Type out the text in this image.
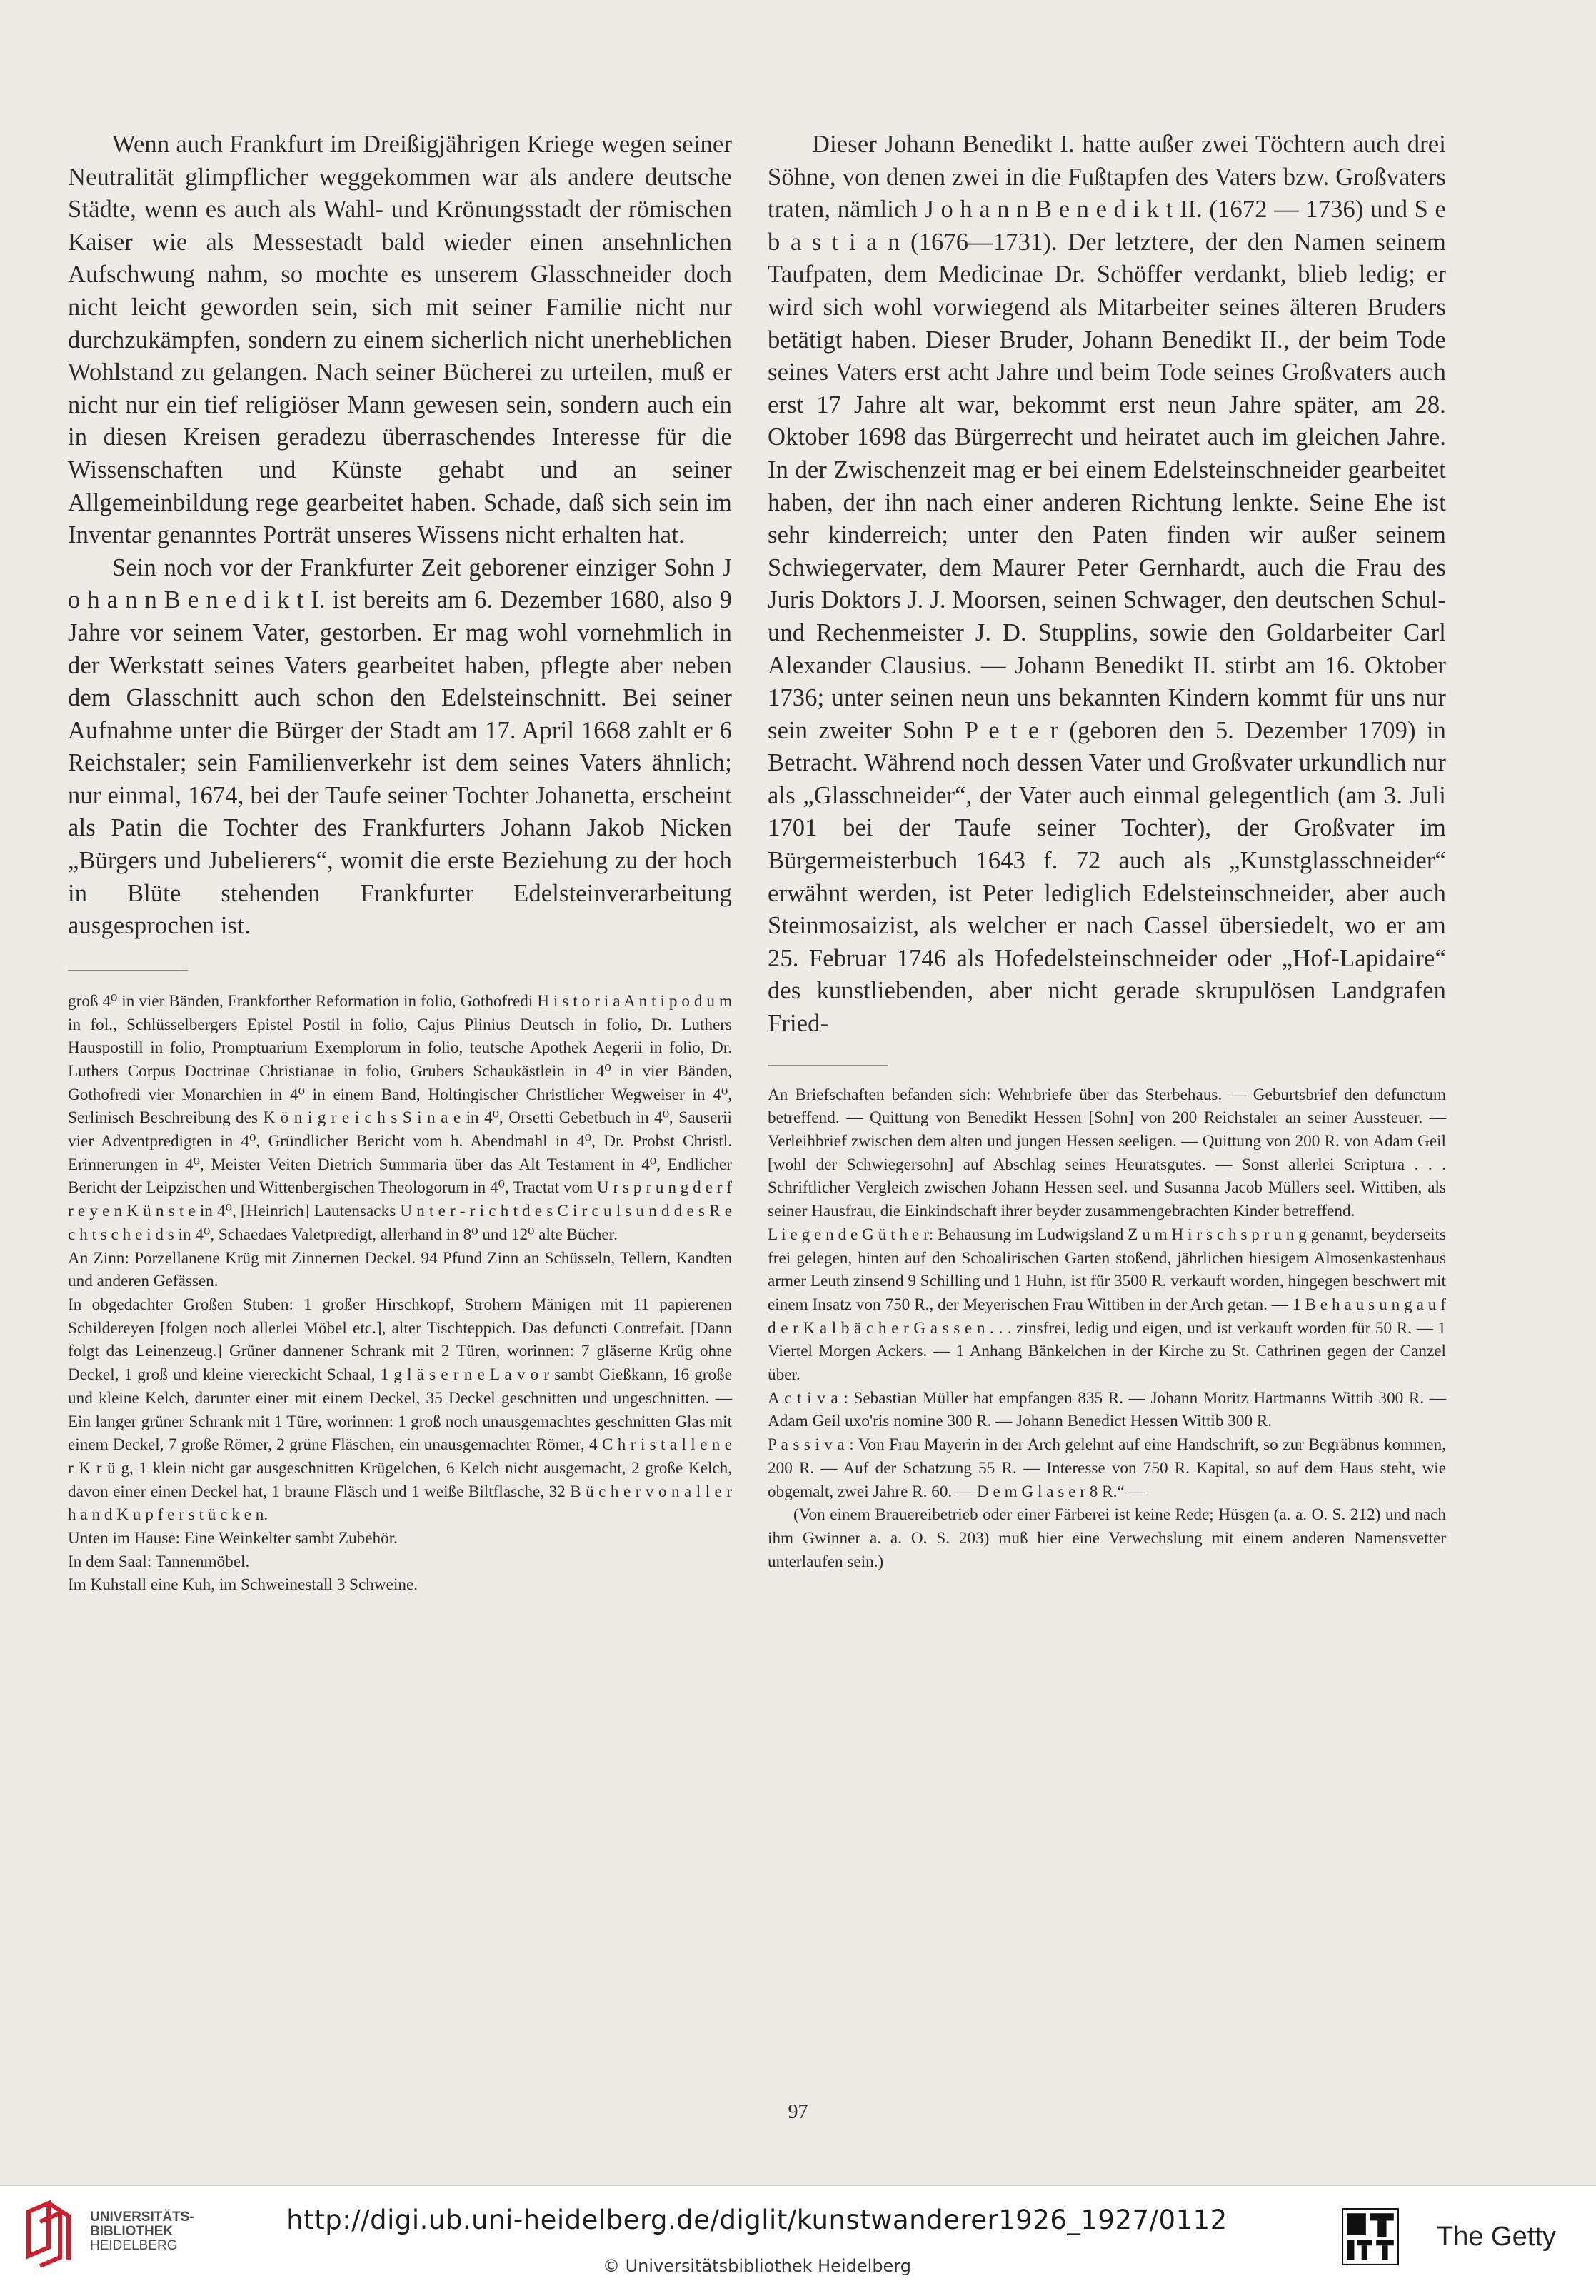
Wenn auch Frankfurt im Dreißigjährigen Kriege wegen seiner Neutralität glimpflicher weggekommen war als andere deutsche Städte, wenn es auch als Wahl- und Krönungsstadt der römischen Kaiser wie als Messestadt bald wieder einen ansehnlichen Aufschwung nahm, so mochte es unserem Glasschneider doch nicht leicht geworden sein, sich mit seiner Familie nicht nur durchzukämpfen, sondern zu einem sicherlich nicht unerheblichen Wohlstand zu gelangen. Nach seiner Bücherei zu urteilen, muß er nicht nur ein tief religiöser Mann gewesen sein, sondern auch ein in diesen Kreisen geradezu überraschendes Interesse für die Wissenschaften und Künste gehabt und an seiner Allgemeinbildung rege gearbeitet haben. Schade, daß sich sein im Inventar genanntes Porträt unseres Wissens nicht erhalten hat.

Sein noch vor der Frankfurter Zeit geborener einziger Sohn J o h a n n B e n e d i k t I. ist bereits am 6. Dezember 1680, also 9 Jahre vor seinem Vater, gestorben. Er mag wohl vornehmlich in der Werkstatt seines Vaters gearbeitet haben, pflegte aber neben dem Glasschnitt auch schon den Edelsteinschnitt. Bei seiner Aufnahme unter die Bürger der Stadt am 17. April 1668 zahlt er 6 Reichstaler; sein Familienverkehr ist dem seines Vaters ähnlich; nur einmal, 1674, bei der Taufe seiner Tochter Johanetta, erscheint als Patin die Tochter des Frankfurters Johann Jakob Nicken „Bürgers und Jubelierers“, womit die erste Beziehung zu der hoch in Blüte stehenden Frankfurter Edelsteinverarbeitung ausgesprochen ist.

groß 4⁰ in vier Bänden, Frankforther Reformation in folio, Gothofredi H i s t o r i a A n t i p o d u m in fol., Schlüsselbergers Epistel Postil in folio, Cajus Plinius Deutsch in folio, Dr. Luthers Hauspostill in folio, Promptuarium Exemplorum in folio, teutsche Apothek Aegerii in folio, Dr. Luthers Corpus Doctrinae Christianae in folio, Grubers Schaukästlein in 4⁰ in vier Bänden, Gothofredi vier Monarchien in 4⁰ in einem Band, Holtingischer Christlicher Wegweiser in 4⁰, Serlinisch Beschreibung des K ö n i g r e i c h s S i n a e in 4⁰, Orsetti Gebetbuch in 4⁰, Sauserii vier Adventpredigten in 4⁰, Gründlicher Bericht vom h. Abendmahl in 4⁰, Dr. Probst Christl. Erinnerungen in 4⁰, Meister Veiten Dietrich Summaria über das Alt Testament in 4⁰, Endlicher Bericht der Leipzischen und Wittenbergischen Theologorum in 4⁰, Tractat vom U r s p r u n g d e r f r e y e n K ü n s t e in 4⁰, [Heinrich] Lautensacks U n t e r - r i c h t d e s C i r c u l s u n d d e s R e c h t s c h e i d s in 4⁰, Schaedaes Valetpredigt, allerhand in 8⁰ und 12⁰ alte Bücher.

An Zinn: Porzellanene Krüg mit Zinnernen Deckel. 94 Pfund Zinn an Schüsseln, Tellern, Kandten und anderen Gefässen.

In obgedachter Großen Stuben: 1 großer Hirschkopf, Strohern Mänigen mit 11 papierenen Schildereyen [folgen noch allerlei Möbel etc.], alter Tischteppich. Das defuncti Contrefait. [Dann folgt das Leinenzeug.] Grüner dannener Schrank mit 2 Türen, worinnen: 7 gläserne Krüg ohne Deckel, 1 groß und kleine viereckicht Schaal, 1 g l ä s e r n e L a v o r sambt Gießkann, 16 große und kleine Kelch, darunter einer mit einem Deckel, 35 Deckel geschnitten und ungeschnitten. — Ein langer grüner Schrank mit 1 Türe, worinnen: 1 groß noch unausgemachtes geschnitten Glas mit einem Deckel, 7 große Römer, 2 grüne Fläschen, ein unausgemachter Römer, 4 C h r i s t a l l e n e r K r ü g, 1 klein nicht gar ausgeschnitten Krügelchen, 6 Kelch nicht ausgemacht, 2 große Kelch, davon einer einen Deckel hat, 1 braune Fläsch und 1 weiße Biltflasche, 32 B ü c h e r v o n a l l e r h a n d K u p f e r s t ü c k e n.

Unten im Hause: Eine Weinkelter sambt Zubehör.

In dem Saal: Tannenmöbel.

Im Kuhstall eine Kuh, im Schweinestall 3 Schweine.

Dieser Johann Benedikt I. hatte außer zwei Töchtern auch drei Söhne, von denen zwei in die Fußtapfen des Vaters bzw. Großvaters traten, nämlich J o h a n n B e n e d i k t II. (1672 — 1736) und S e b a s t i a n (1676—1731). Der letztere, der den Namen seinem Taufpaten, dem Medicinae Dr. Schöffer verdankt, blieb ledig; er wird sich wohl vorwiegend als Mitarbeiter seines älteren Bruders betätigt haben. Dieser Bruder, Johann Benedikt II., der beim Tode seines Vaters erst acht Jahre und beim Tode seines Großvaters auch erst 17 Jahre alt war, bekommt erst neun Jahre später, am 28. Oktober 1698 das Bürgerrecht und heiratet auch im gleichen Jahre. In der Zwischenzeit mag er bei einem Edelsteinschneider gearbeitet haben, der ihn nach einer anderen Richtung lenkte. Seine Ehe ist sehr kinderreich; unter den Paten finden wir außer seinem Schwiegervater, dem Maurer Peter Gernhardt, auch die Frau des Juris Doktors J. J. Moorsen, seinen Schwager, den deutschen Schul- und Rechenmeister J. D. Stupplins, sowie den Goldarbeiter Carl Alexander Clausius. — Johann Benedikt II. stirbt am 16. Oktober 1736; unter seinen neun uns bekannten Kindern kommt für uns nur sein zweiter Sohn P e t e r (geboren den 5. Dezember 1709) in Betracht. Während noch dessen Vater und Großvater urkundlich nur als „Glasschneider“, der Vater auch einmal gelegentlich (am 3. Juli 1701 bei der Taufe seiner Tochter), der Großvater im Bürgermeisterbuch 1643 f. 72 auch als „Kunstglasschneider“ erwähnt werden, ist Peter lediglich Edelsteinschneider, aber auch Steinmosaizist, als welcher er nach Cassel übersiedelt, wo er am 25. Februar 1746 als Hofedelsteinschneider oder „Hof-Lapidaire“ des kunstliebenden, aber nicht gerade skrupulösen Landgrafen Fried-

An Briefschaften befanden sich: Wehrbriefe über das Sterbehaus. — Geburtsbrief den defunctum betreffend. — Quittung von Benedikt Hessen [Sohn] von 200 Reichstaler an seiner Aussteuer. — Verleihbrief zwischen dem alten und jungen Hessen seeligen. — Quittung von 200 R. von Adam Geil [wohl der Schwiegersohn] auf Abschlag seines Heuratsgutes. — Sonst allerlei Scriptura . . . Schriftlicher Vergleich zwischen Johann Hessen seel. und Susanna Jacob Müllers seel. Wittiben, als seiner Hausfrau, die Einkindschaft ihrer beyder zusammengebrachten Kinder betreffend.

L i e g e n d e G ü t h e r: Behausung im Ludwigsland Z u m H i r s c h s p r u n g genannt, beyderseits frei gelegen, hinten auf den Schoalirischen Garten stoßend, jährlichen hiesigem Almosenkastenhaus armer Leuth zinsend 9 Schilling und 1 Huhn, ist für 3500 R. verkauft worden, hingegen beschwert mit einem Insatz von 750 R., der Meyerischen Frau Wittiben in der Arch getan. — 1 B e h a u s u n g a u f d e r K a l b ä c h e r G a s s e n . . . zinsfrei, ledig und eigen, und ist verkauft worden für 50 R. — 1 Viertel Morgen Ackers. — 1 Anhang Bänkelchen in der Kirche zu St. Cathrinen gegen der Canzel über.

A c t i v a : Sebastian Müller hat empfangen 835 R. — Johann Moritz Hartmanns Wittib 300 R. — Adam Geil uxo'ris nomine 300 R. — Johann Benedict Hessen Wittib 300 R.

P a s s i v a : Von Frau Mayerin in der Arch gelehnt auf eine Handschrift, so zur Begräbnus kommen, 200 R. — Auf der Schatzung 55 R. — Interesse von 750 R. Kapital, so auf dem Haus steht, wie obgemalt, zwei Jahre R. 60. — D e m G l a s e r 8 R.“ —

(Von einem Brauereibetrieb oder einer Färberei ist keine Rede; Hüsgen (a. a. O. S. 212) und nach ihm Gwinner a. a. O. S. 203) muß hier eine Verwechslung mit einem anderen Namensvetter unterlaufen sein.)

97
UNIVERSITÄTS-
BIBLIOTHEK
HEIDELBERG
http://digi.ub.uni-heidelberg.de/diglit/kunstwanderer1926_1927/0112
© Universitätsbibliothek Heidelberg
The Getty
